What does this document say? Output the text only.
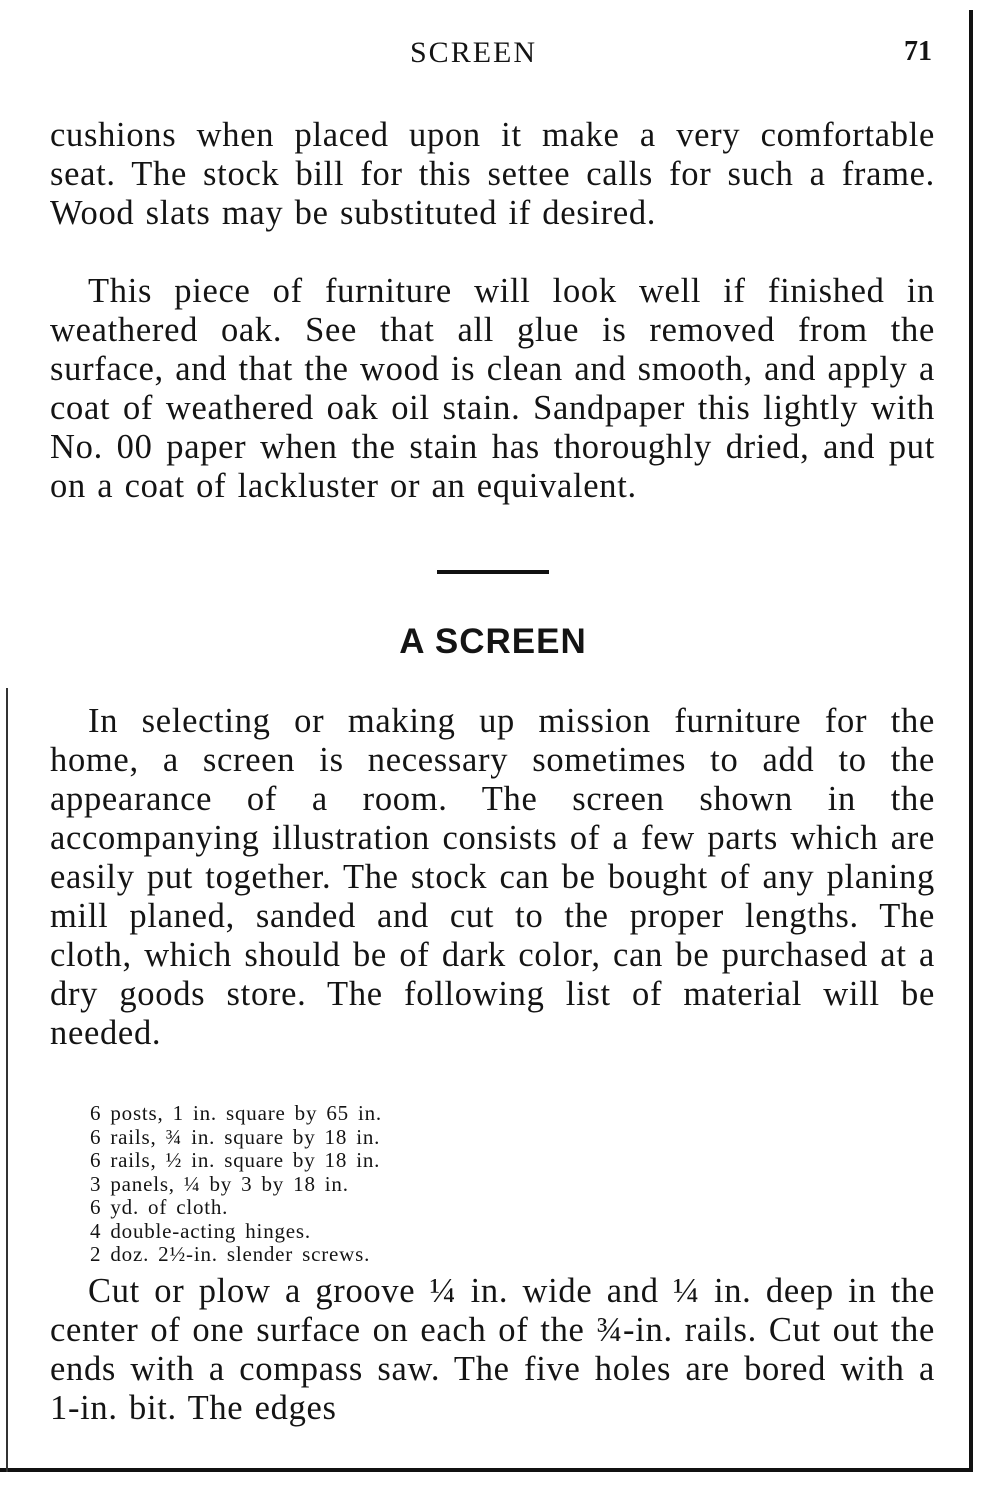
SCREEN	71

cushions when placed upon it make a very comfortable seat. The stock bill for this settee calls for such a frame. Wood slats may be substituted if desired.

This piece of furniture will look well if finished in weathered oak. See that all glue is removed from the surface, and that the wood is clean and smooth, and apply a coat of weathered oak oil stain. Sandpaper this lightly with No. 00 paper when the stain has thoroughly dried, and put on a coat of lackluster or an equivalent.

A SCREEN

In selecting or making up mission furniture for the home, a screen is necessary sometimes to add to the appearance of a room. The screen shown in the accompanying illustration consists of a few parts which are easily put together. The stock can be bought of any planing mill planed, sanded and cut to the proper lengths. The cloth, which should be of dark color, can be purchased at a dry goods store. The following list of material will be needed.

6 posts, 1 in. square by 65 in.
6 rails, ¾ in. square by 18 in.
6 rails, ½ in. square by 18 in.
3 panels, ¼ by 3 by 18 in.
6 yd. of cloth.
4 double-acting hinges.
2 doz. 2½-in. slender screws.

Cut or plow a groove ¼ in. wide and ¼ in. deep in the center of one surface on each of the ¾-in. rails. Cut out the ends with a compass saw. The five holes are bored with a 1-in. bit. The edges
